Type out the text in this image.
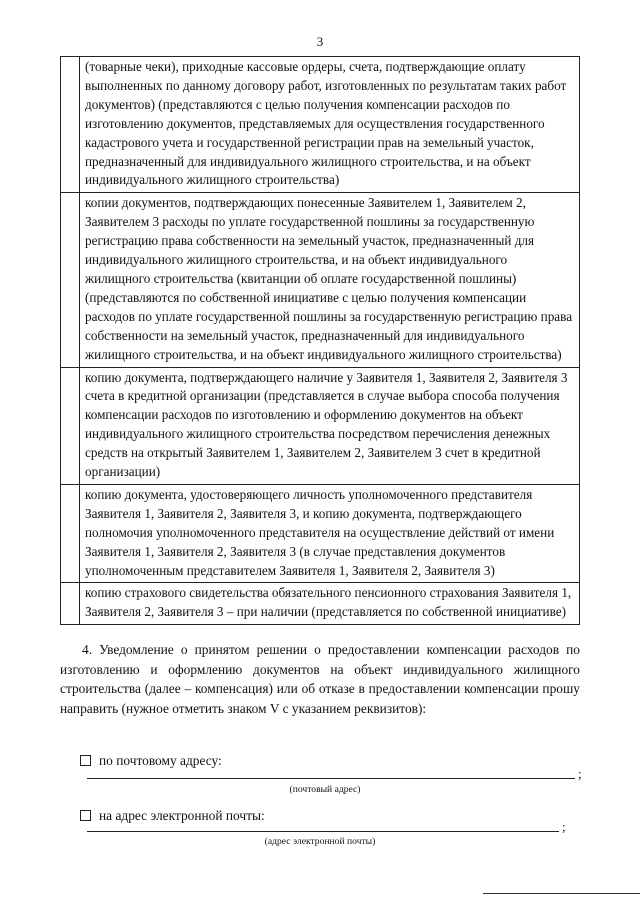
3
	(товарные чеки), приходные кассовые ордеры, счета, подтверждающие оплату выполненных по данному договору работ, изготовленных по результатам таких работ документов) (представляются с целью получения компенсации расходов по изготовлению документов, представляемых для осуществления государственного кадастрового учета и государственной регистрации прав на земельный участок, предназначенный для индивидуального жилищного строительства, и на объект индивидуального жилищного строительства)
	копии документов, подтверждающих понесенные Заявителем 1, Заявителем 2, Заявителем 3 расходы по уплате государственной пошлины за государственную регистрацию права собственности на земельный участок, предназначенный для индивидуального жилищного строительства, и на объект индивидуального жилищного строительства (квитанции об оплате государственной пошлины) (представляются по собственной инициативе с целью получения компенсации расходов по уплате государственной пошлины за государственную регистрацию права собственности на земельный участок, предназначенный для индивидуального жилищного строительства, и на объект индивидуального жилищного строительства)
	копию документа, подтверждающего наличие у Заявителя 1, Заявителя 2, Заявителя 3 счета в кредитной организации (представляется в случае выбора способа получения компенсации расходов по изготовлению и оформлению документов на объект индивидуального жилищного строительства посредством перечисления денежных средств на открытый Заявителем 1, Заявителем 2, Заявителем 3 счет в кредитной организации)
	копию документа, удостоверяющего личность уполномоченного представителя Заявителя 1, Заявителя 2, Заявителя 3, и копию документа, подтверждающего полномочия уполномоченного представителя на осуществление действий от имени Заявителя 1, Заявителя 2, Заявителя 3 (в случае представления документов уполномоченным представителем Заявителя 1, Заявителя 2, Заявителя 3)
	копию страхового свидетельства обязательного пенсионного страхования Заявителя 1, Заявителя 2, Заявителя 3 – при наличии (представляется по собственной инициативе)

4. Уведомление о принятом решении о предоставлении компенсации расходов по изготовлению и оформлению документов на объект индивидуального жилищного строительства (далее – компенсация) или об отказе в предоставлении компенсации прошу направить (нужное отметить знаком V с указанием реквизитов):

по почтовому адресу:
;
(почтовый адрес)
на адрес электронной почты:
;
(адрес электронной почты)
